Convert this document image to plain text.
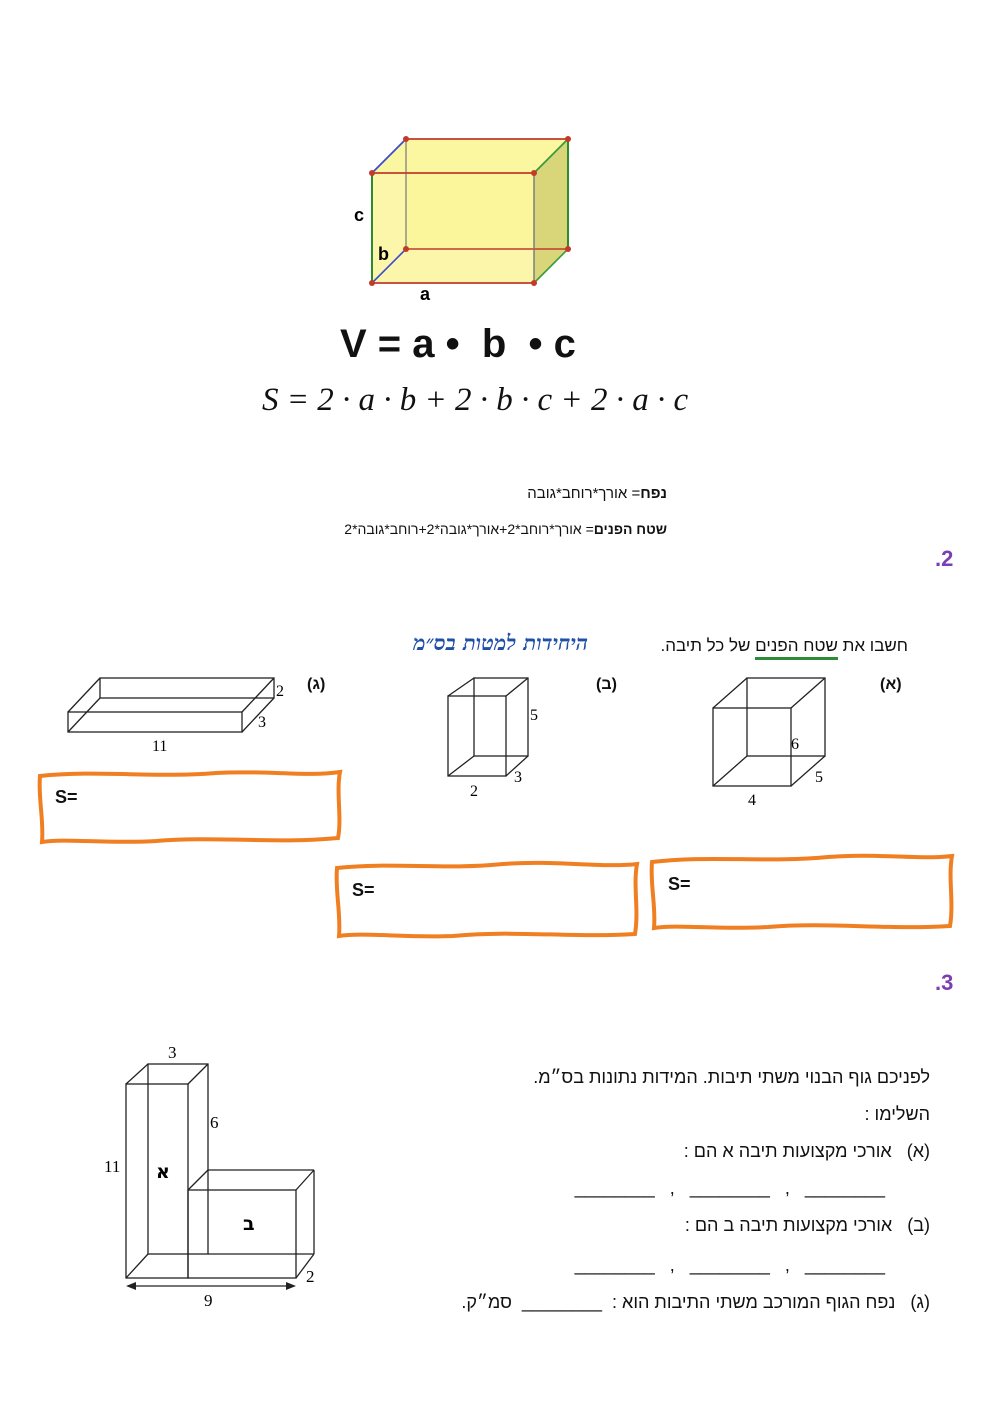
c
b
a
V = a •  b  • c
S = 2 · a · b + 2 · b · c + 2 · a · c
נפח= אורך*רוחב*גובה
שטח הפנים= אורך*רוחב*2+אורך*גובה*2+רוחב*גובה*2
.2
חשבו את שטח הפנים של כל תיבה.
היחידות למטות בס״מ
(א)
6
5
4
(ב)
5
3
2
(ג)
2
3
11
S=
S=	S=
.3
3
6
11 א
ב
2
9
לפניכם גוף הבנוי משתי תיבות. המידות נתונות בס״מ.
השלימו :
(א)   אורכי מקצועות תיבה א הם :
________   ,   ________   ,   ________
(ב)   אורכי מקצועות תיבה ב הם :
________   ,   ________   ,   ________
(ג)   נפח הגוף המורכב משתי התיבות הוא :  ________  סמ״ק.
